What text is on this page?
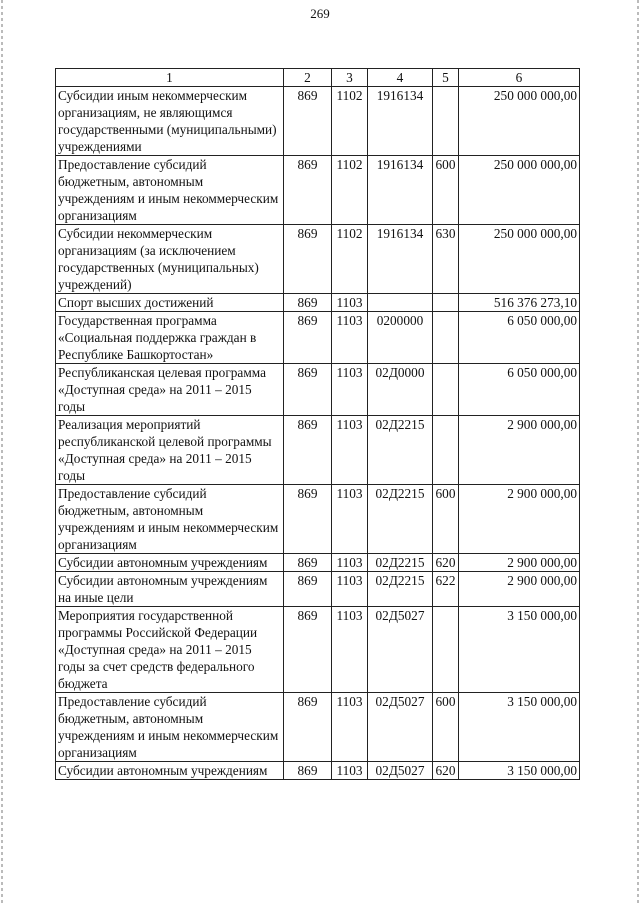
269
1	2	3	4	5	6
Субсидии иным некоммерческим организациям, не являющимся государственными (муниципальными) учреждениями	869	1102	1916134		250 000 000,00
Предоставление субсидий бюджетным, автономным учреждениям и иным некоммерческим организациям	869	1102	1916134	600	250 000 000,00
Субсидии некоммерческим организациям (за исключением государственных (муниципальных) учреждений)	869	1102	1916134	630	250 000 000,00
Спорт высших достижений	869	1103			516 376 273,10
Государственная программа «Социальная поддержка граждан в Республике Башкортостан»	869	1103	0200000		6 050 000,00
Республиканская целевая программа «Доступная среда» на 2011 – 2015 годы	869	1103	02Д0000		6 050 000,00
Реализация мероприятий республиканской целевой программы «Доступная среда» на 2011 – 2015 годы	869	1103	02Д2215		2 900 000,00
Предоставление субсидий бюджетным, автономным учреждениям и иным некоммерческим организациям	869	1103	02Д2215	600	2 900 000,00
Субсидии автономным учреждениям	869	1103	02Д2215	620	2 900 000,00
Субсидии автономным учреждениям на иные цели	869	1103	02Д2215	622	2 900 000,00
Мероприятия государственной программы Российской Федерации «Доступная среда» на 2011 – 2015 годы за счет средств федерального бюджета	869	1103	02Д5027		3 150 000,00
Предоставление субсидий бюджетным, автономным учреждениям и иным некоммерческим организациям	869	1103	02Д5027	600	3 150 000,00
Субсидии автономным учреждениям	869	1103	02Д5027	620	3 150 000,00
